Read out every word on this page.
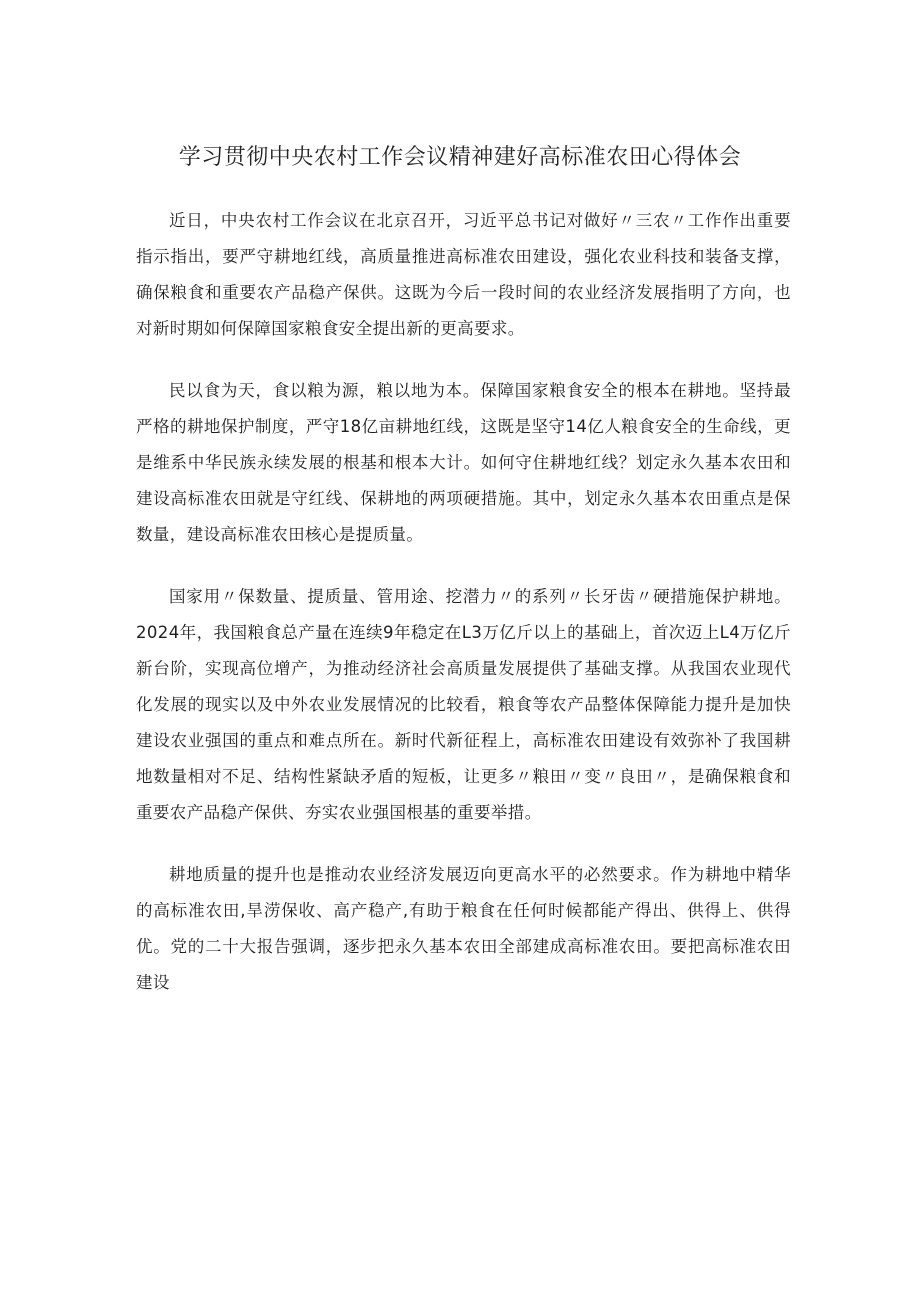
学习贯彻中央农村工作会议精神建好高标准农田心得体会

近日，中央农村工作会议在北京召开，习近平总书记对做好〃三农〃工作作出重要指示指出，要严守耕地红线，高质量推进高标准农田建设，强化农业科技和装备支撑，确保粮食和重要农产品稳产保供。这既为今后一段时间的农业经济发展指明了方向，也对新时期如何保障国家粮食安全提出新的更高要求。

民以食为天，食以粮为源，粮以地为本。保障国家粮食安全的根本在耕地。坚持最严格的耕地保护制度，严守18亿亩耕地红线，这既是坚守14亿人粮食安全的生命线，更是维系中华民族永续发展的根基和根本大计。如何守住耕地红线？划定永久基本农田和建设高标准农田就是守红线、保耕地的两项硬措施。其中，划定永久基本农田重点是保数量，建设高标准农田核心是提质量。

国家用〃保数量、提质量、管用途、挖潜力〃的系列〃长牙齿〃硬措施保护耕地。2024年，我国粮食总产量在连续9年稳定在L3万亿斤以上的基础上，首次迈上L4万亿斤新台阶，实现高位增产，为推动经济社会高质量发展提供了基础支撑。从我国农业现代化发展的现实以及中外农业发展情况的比较看，粮食等农产品整体保障能力提升是加快建设农业强国的重点和难点所在。新时代新征程上，高标准农田建设有效弥补了我国耕地数量相对不足、结构性紧缺矛盾的短板，让更多〃粮田〃变〃良田〃，是确保粮食和重要农产品稳产保供、夯实农业强国根基的重要举措。

耕地质量的提升也是推动农业经济发展迈向更高水平的必然要求。作为耕地中精华的高标准农田,旱涝保收、高产稳产,有助于粮食在任何时候都能产得出、供得上、供得优。党的二十大报告强调，逐步把永久基本农田全部建成高标准农田。要把高标准农田建设
